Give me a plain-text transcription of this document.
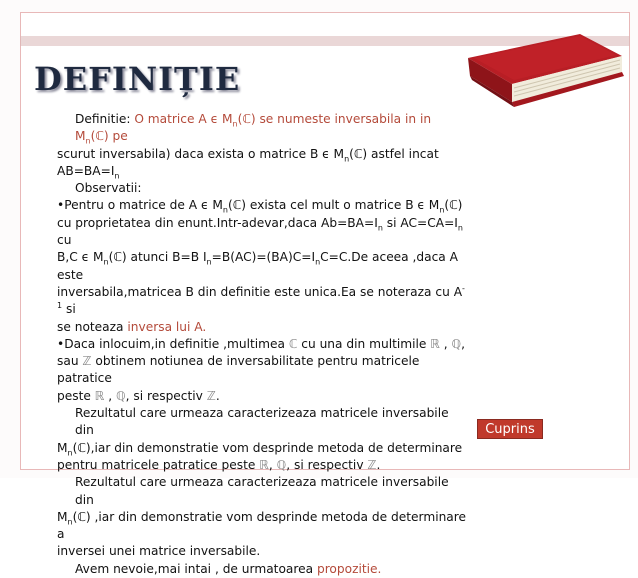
DEFINIȚIE

Definitie: O matrice A ϵ $M_n(ℂ)$ se numeste inversabila in in $M_n(ℂ)$ pe

scurut inversabila) daca exista o matrice B ϵ $M_n(ℂ)$ astfel incat

$AB=BA=I_n$

Observatii:

•Pentru o matrice de A ϵ $M_n(ℂ)$ exista cel mult o matrice B ϵ $M_n(ℂ)$

cu proprietatea din enunt.Intr-adevar,daca $Ab=BA=I_n$ si $AC=CA=I_n$ cu

B,C ϵ $M_n(ℂ)$ atunci B=B $I_n=B(AC)=(BA)C=I_nC=C.De$ aceea ,daca A este

inversabila,matricea B din definitie este unica.Ea se noteraza cu $A^{-1}$ si

se noteaza inversa lui A.

•Daca inlocuim,in definitie ,multimea ℂ cu una din multimile ℝ , ℚ,

sau ℤ obtinem notiunea de inversabilitate pentru matricele patratice

peste ℝ , ℚ, si respectiv ℤ.

Rezultatul care urmeaza caracterizeaza matricele inversabile din

$M_n(ℂ),iar$ din demonstratie vom desprinde metoda de determinare

pentru matricele patratice peste ℝ, ℚ, si respectiv ℤ.

Rezultatul care urmeaza caracterizeaza matricele inversabile din

$M_n(ℂ)$ ,iar din demonstratie vom desprinde metoda de determinare a

inversei unei matrice inversabile.

Avem nevoie,mai intai , de urmatoarea propozitie.

Cuprins
